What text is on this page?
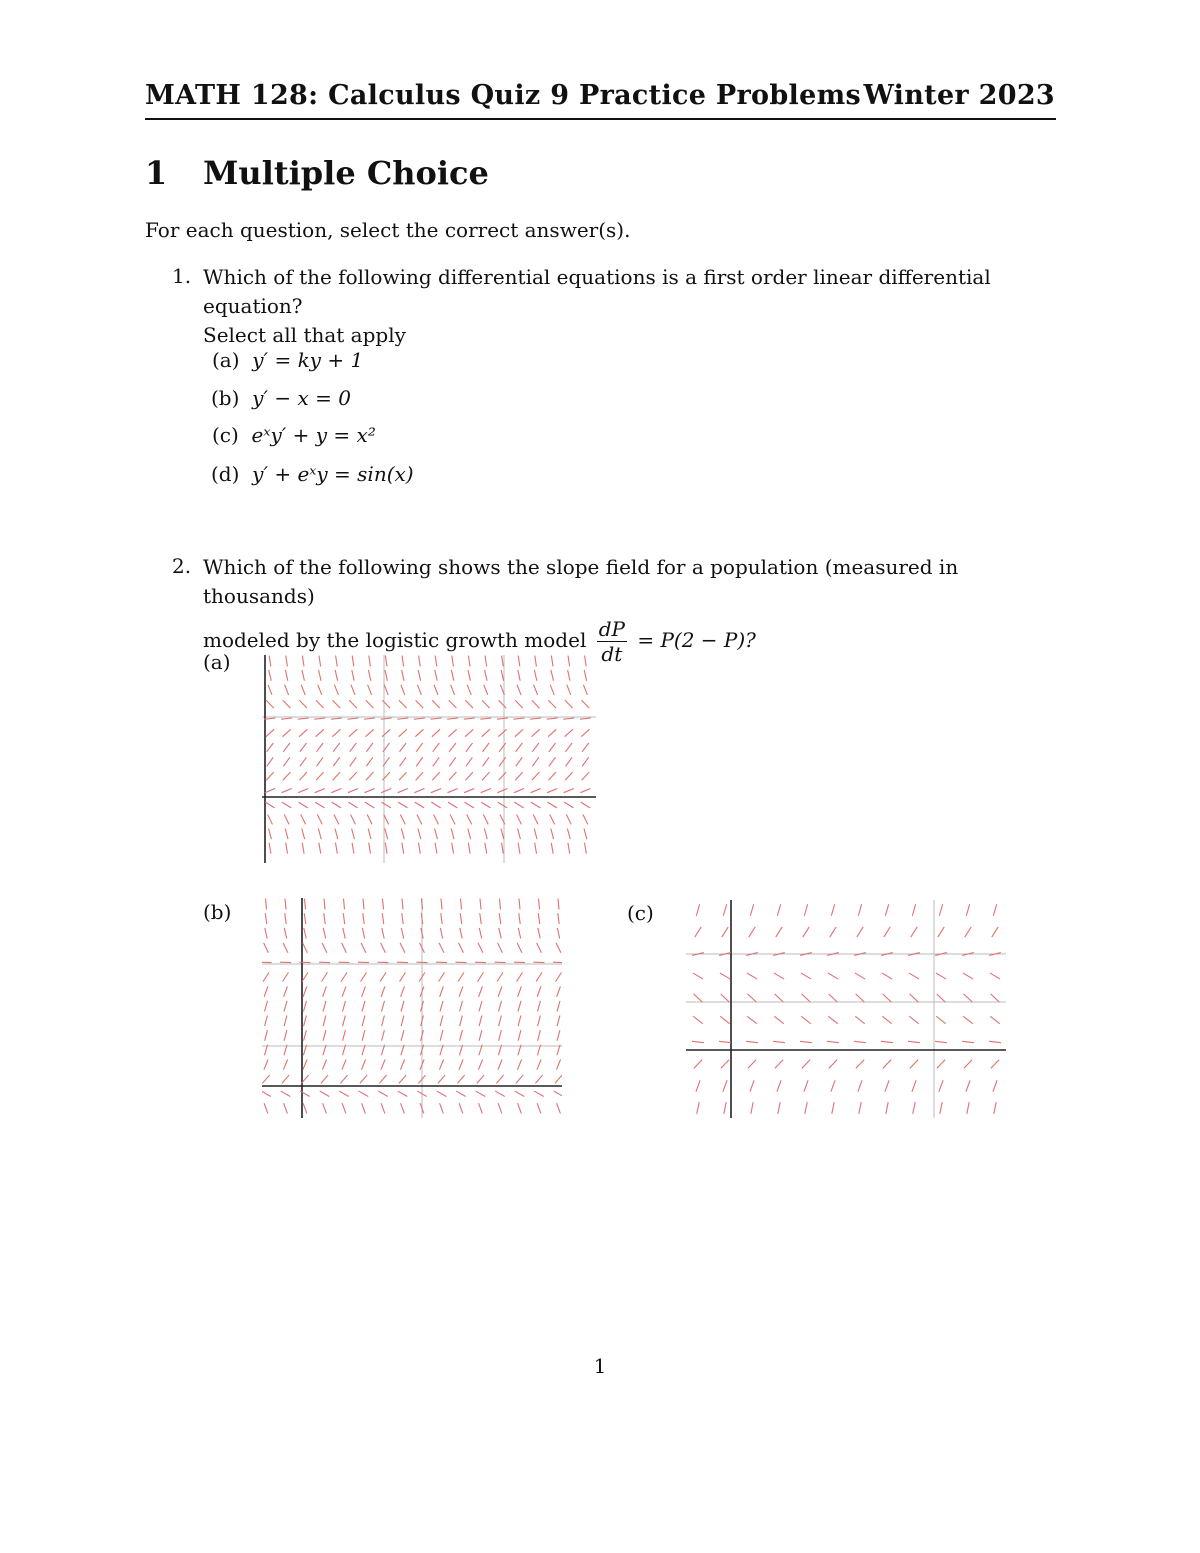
MATH 128: Calculus Quiz 9 Practice Problems Winter 2023
1 Multiple Choice
For each question, select the correct answer(s).
1. Which of the following differential equations is a first order linear differential equation?
Select all that apply
(a) y′ = ky + 1
(b) y′ − x = 0
(c) eˣy′ + y = x²
(d) y′ + eˣy = sin(x)
2. Which of the following shows the slope field for a population (measured in thousands)
modeled by the logistic growth model $\frac{dP}{dt} = P(2 - P)$?
(a)
(b)	(c)
1
